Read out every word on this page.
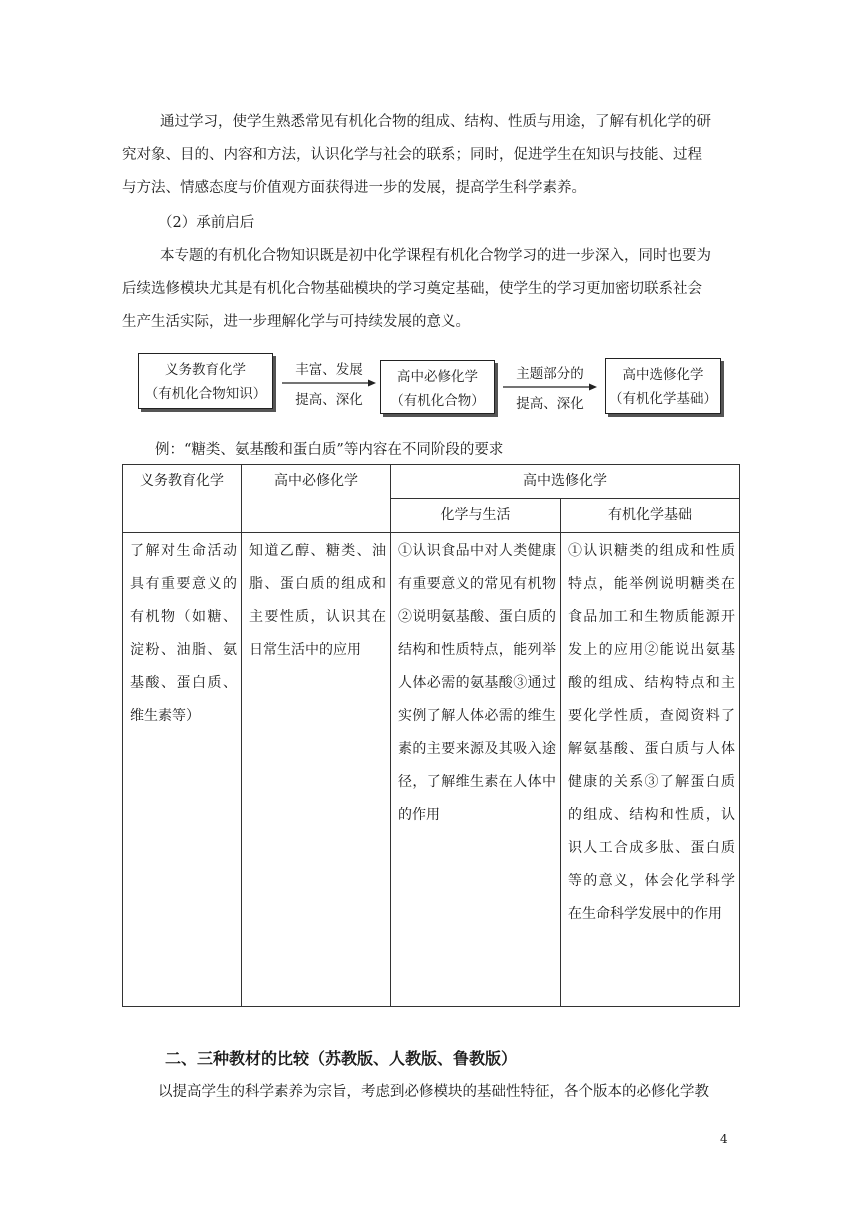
通过学习，使学生熟悉常见有机化合物的组成、结构、性质与用途，了解有机化学的研
究对象、目的、内容和方法，认识化学与社会的联系；同时，促进学生在知识与技能、过程
与方法、情感态度与价值观方面获得进一步的发展，提高学生科学素养。
（2）承前启后
本专题的有机化合物知识既是初中化学课程有机化合物学习的进一步深入，同时也要为
后续选修模块尤其是有机化合物基础模块的学习奠定基础，使学生的学习更加密切联系社会
生产生活实际，进一步理解化学与可持续发展的意义。
义务教育化学
（有机化合物知识）
丰富、发展
提高、深化
高中必修化学
（有机化合物）
主题部分的
提高、深化
高中选修化学
（有机化学基础）
例：“糖类、氨基酸和蛋白质”等内容在不同阶段的要求
义务教育化学	高中必修化学	高中选修化学	
		化学与生活	有机化学基础
了解对生命活动具有重要意义的有机物（如糖、淀粉、油脂、氨基酸、蛋白质、维生素等）	知道乙醇、糖类、油脂、蛋白质的组成和主要性质，认识其在日常生活中的应用	①认识食品中对人类健康有重要意义的常见有机物②说明氨基酸、蛋白质的结构和性质特点，能列举人体必需的氨基酸③通过实例了解人体必需的维生素的主要来源及其吸入途径，了解维生素在人体中的作用	①认识糖类的组成和性质特点，能举例说明糖类在食品加工和生物质能源开发上的应用②能说出氨基酸的组成、结构特点和主要化学性质，查阅资料了解氨基酸、蛋白质与人体健康的关系③了解蛋白质的组成、结构和性质，认识人工合成多肽、蛋白质等的意义，体会化学科学在生命科学发展中的作用
二、三种教材的比较（苏教版、人教版、鲁教版）
以提高学生的科学素养为宗旨，考虑到必修模块的基础性特征，各个版本的必修化学教
4
